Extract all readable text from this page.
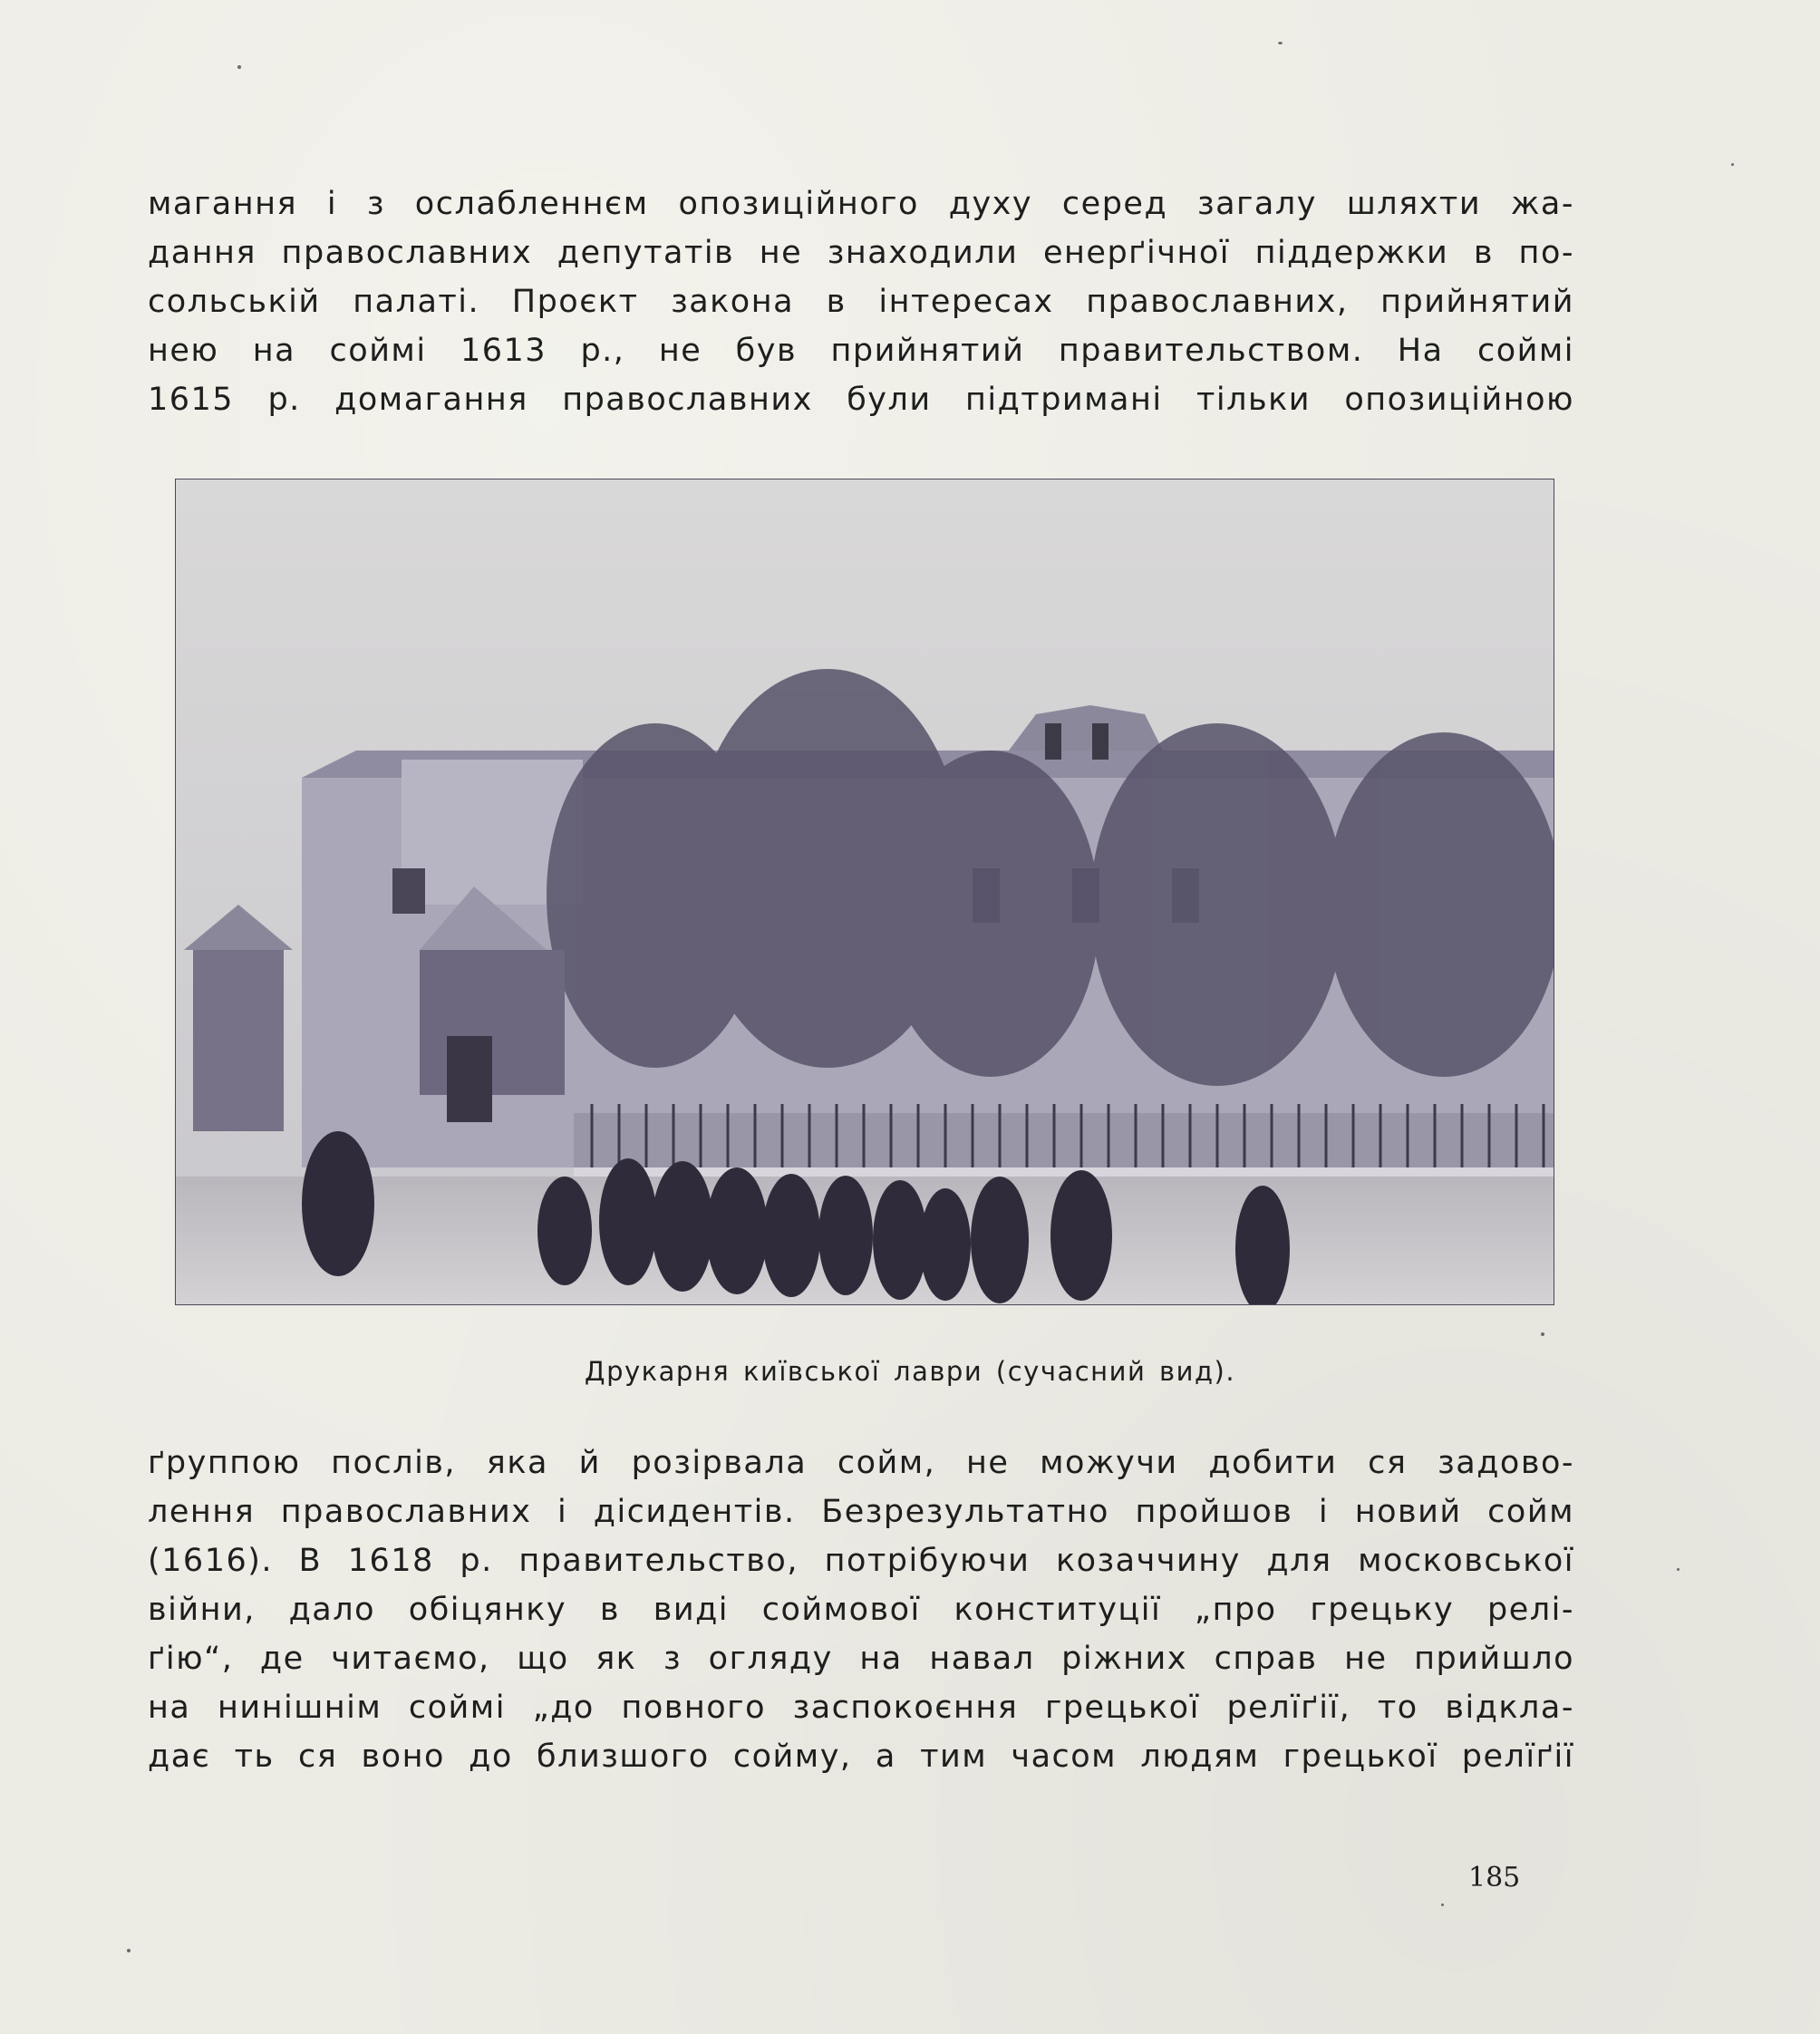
магання і з ослабленнєм опозиційного духу серед загалу шляхти жа-
дання православних депутатів не знаходили енерґічної піддержки в по-
сольській палаті. Проєкт закона в інтересах православних, прийнятий
нею на соймі 1613 р., не був прийнятий правительством. На соймі
1615 р. домагання православних були підтримані тільки опозиційною
Друкарня київської лаври (сучасний вид).
ґруппою послів, яка й розірвала сойм, не можучи добити ся задово-
лення православних і дісидентів. Безрезультатно пройшов і новий сойм
(1616). В 1618 р. правительство, потрібуючи козаччину для московської
війни, дало обіцянку в виді соймової конституції „про грецьку релі-
ґію“, де читаємо, що як з огляду на навал ріжних справ не прийшло
на нинішнім соймі „до повного заспокоєння грецької релїґії, то відкла-
дає ть ся воно до близшого сойму, а тим часом людям грецької релїґії
185
